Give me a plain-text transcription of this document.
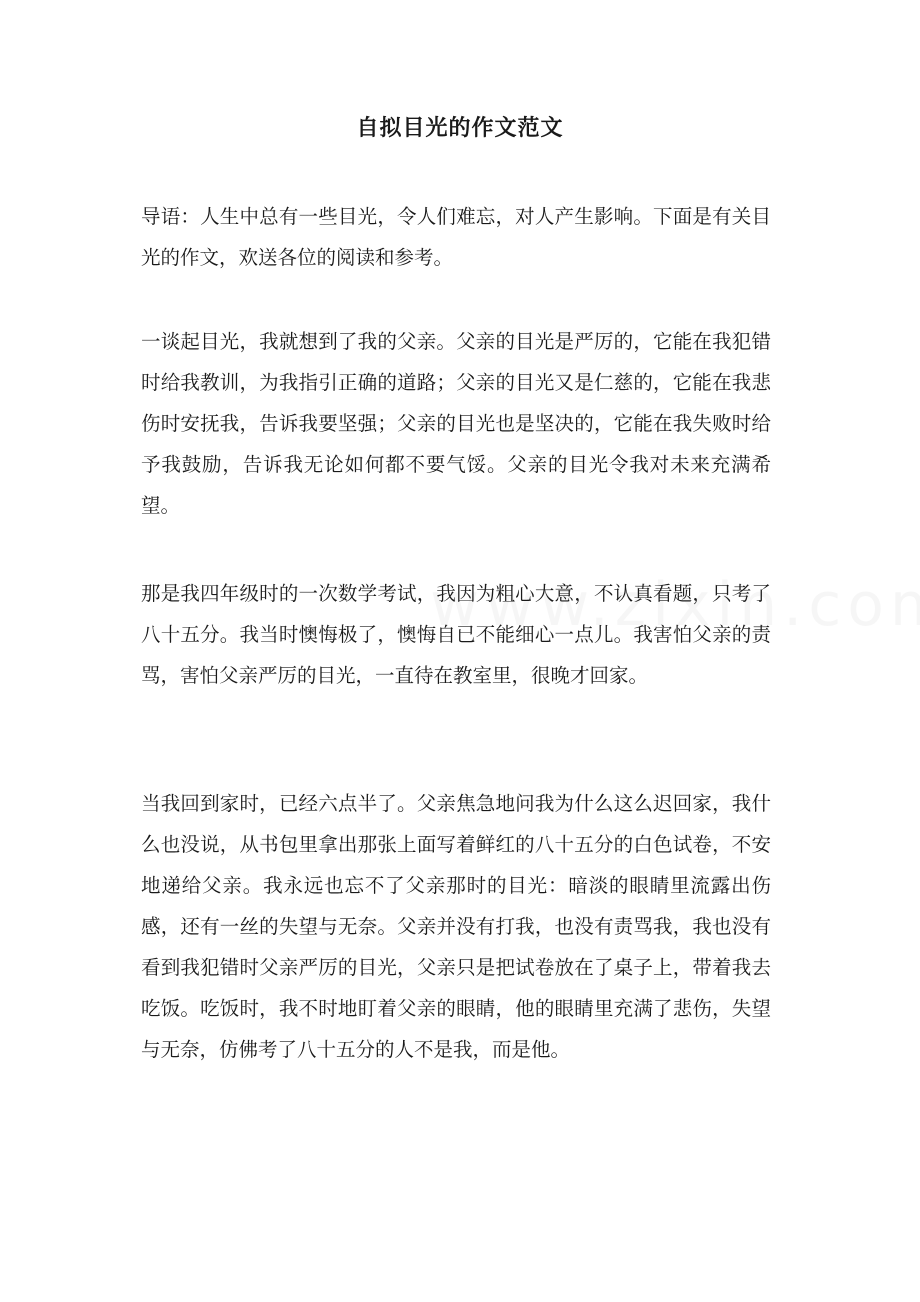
自拟目光的作文范文
导语：人生中总有一些目光，令人们难忘，对人产生影响。下面是有关目光的作文，欢送各位的阅读和参考。
一谈起目光，我就想到了我的父亲。父亲的目光是严厉的，它能在我犯错时给我教训，为我指引正确的道路；父亲的目光又是仁慈的，它能在我悲伤时安抚我，告诉我要坚强；父亲的目光也是坚决的，它能在我失败时给予我鼓励，告诉我无论如何都不要气馁。父亲的目光令我对未来充满希望。
那是我四年级时的一次数学考试，我因为粗心大意，不认真看题，只考了八十五分。我当时懊悔极了，懊悔自已不能细心一点儿。我害怕父亲的责骂，害怕父亲严厉的目光，一直待在教室里，很晚才回家。
当我回到家时，已经六点半了。父亲焦急地问我为什么这么迟回家，我什么也没说，从书包里拿出那张上面写着鲜红的八十五分的白色试卷，不安地递给父亲。我永远也忘不了父亲那时的目光：暗淡的眼睛里流露出伤感，还有一丝的失望与无奈。父亲并没有打我，也没有责骂我，我也没有看到我犯错时父亲严厉的目光，父亲只是把试卷放在了桌子上，带着我去吃饭。吃饭时，我不时地盯着父亲的眼睛，他的眼睛里充满了悲伤，失望与无奈，仿佛考了八十五分的人不是我，而是他。
